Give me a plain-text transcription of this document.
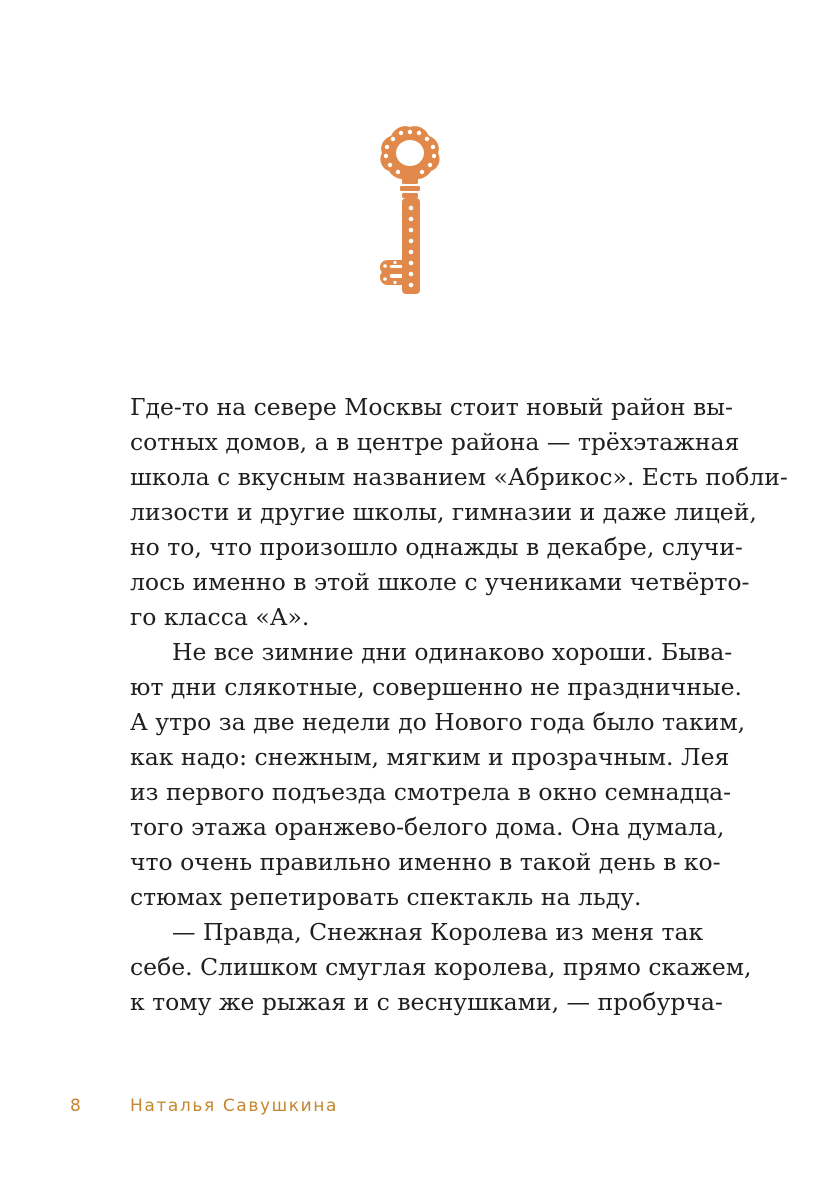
Где-то на севере Москвы стоит новый район вы-
сотных домов, а в центре района — трёхэтажная
школа с вкусным названием «Абрикос». Есть побли-
лизости и другие школы, гимназии и даже лицей,
но то, что произошло однажды в декабре, случи-
лось именно в этой школе с учениками четвёрто-
го класса «А».
Не все зимние дни одинаково хороши. Быва-
ют дни слякотные, совершенно не праздничные.
А утро за две недели до Нового года было таким,
как надо: снежным, мягким и прозрачным. Лея
из первого подъезда смотрела в окно семнадца-
того этажа оранжево-белого дома. Она думала,
что очень правильно именно в такой день в ко-
стюмах репетировать спектакль на льду.
— Правда, Снежная Королева из меня так
себе. Слишком смуглая королева, прямо скажем,
к тому же рыжая и с веснушками, — пробурча-
8	Наталья Савушкина
